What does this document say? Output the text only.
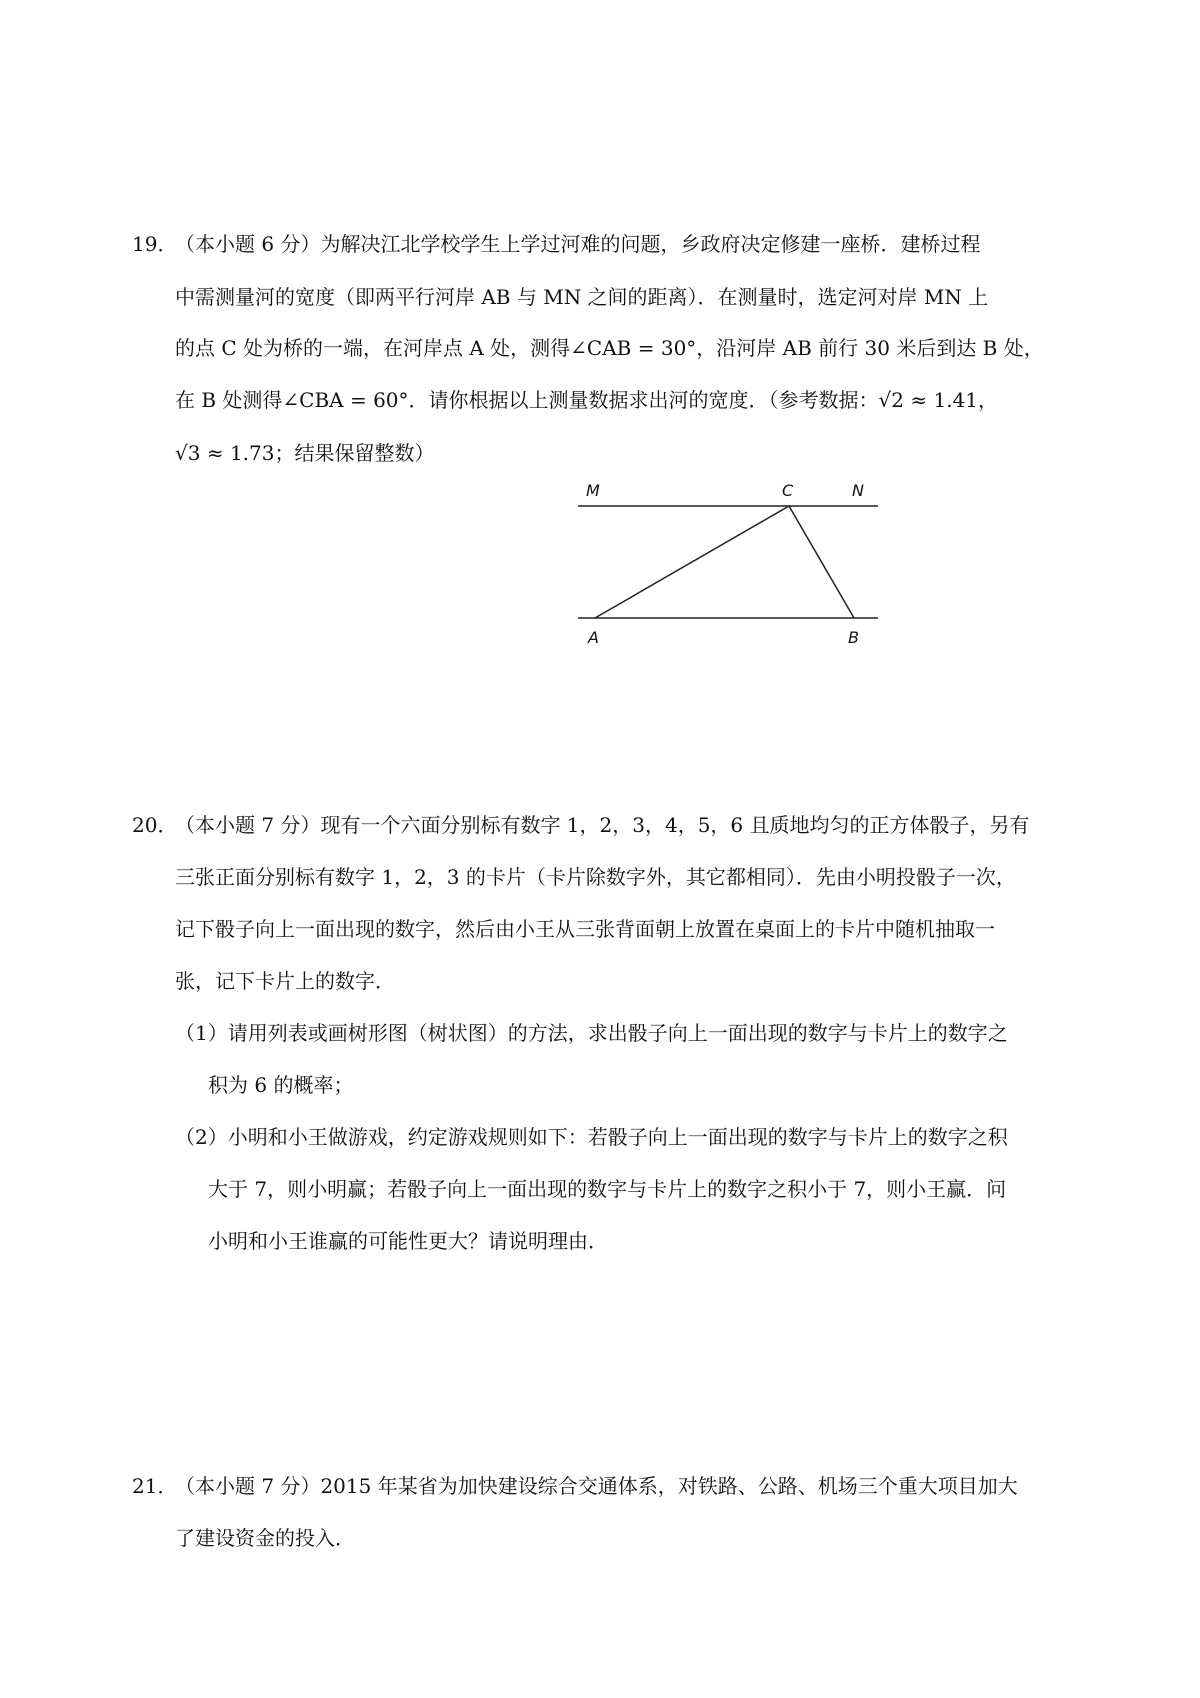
19．
（本小题 6 分）为解决江北学校学生上学过河难的问题，乡政府决定修建一座桥．建桥过程
中需测量河的宽度（即两平行河岸 AB 与 MN 之间的距离）．在测量时，选定河对岸 MN 上
的点 C 处为桥的一端，在河岸点 A 处，测得∠CAB = 30°，沿河岸 AB 前行 30 米后到达 B 处，
在 B 处测得∠CBA = 60°．请你根据以上测量数据求出河的宽度．（参考数据：√2 ≈ 1.41，
√3 ≈ 1.73；结果保留整数）
M	C	N
A	B
20．
（本小题 7 分）现有一个六面分别标有数字 1，2，3，4，5，6 且质地均匀的正方体骰子，另有
三张正面分别标有数字 1，2，3 的卡片（卡片除数字外，其它都相同）．先由小明投骰子一次，
记下骰子向上一面出现的数字，然后由小王从三张背面朝上放置在桌面上的卡片中随机抽取一
张，记下卡片上的数字．
（1）请用列表或画树形图（树状图）的方法，求出骰子向上一面出现的数字与卡片上的数字之
积为 6 的概率；
（2）小明和小王做游戏，约定游戏规则如下：若骰子向上一面出现的数字与卡片上的数字之积
大于 7，则小明赢；若骰子向上一面出现的数字与卡片上的数字之积小于 7，则小王赢．问
小明和小王谁赢的可能性更大？请说明理由．
21．
（本小题 7 分）2015 年某省为加快建设综合交通体系，对铁路、公路、机场三个重大项目加大
了建设资金的投入．
